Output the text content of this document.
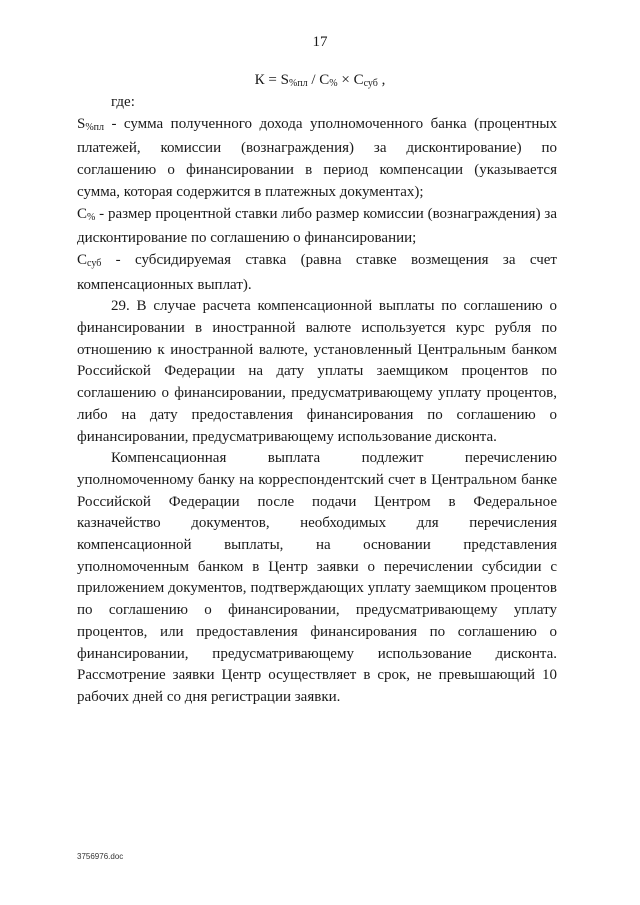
17
$К = S_{\%пл} / С_{\%} \times С_{суб}$ ,

где:

$S_{\%пл}$ - сумма полученного дохода уполномоченного банка (процентных платежей, комиссии (вознаграждения) за дисконтирование) по соглашению о финансировании в период компенсации (указывается сумма, которая содержится в платежных документах);

$С_{\%}$ - размер процентной ставки либо размер комиссии (вознаграждения) за дисконтирование по соглашению о финансировании;

$С_{суб}$ - субсидируемая ставка (равна ставке возмещения за счет компенсационных выплат).

29. В случае расчета компенсационной выплаты по соглашению о финансировании в иностранной валюте используется курс рубля по отношению к иностранной валюте, установленный Центральным банком Российской Федерации на дату уплаты заемщиком процентов по соглашению о финансировании, предусматривающему уплату процентов, либо на дату предоставления финансирования по соглашению о финансировании, предусматривающему использование дисконта.

Компенсационная выплата подлежит перечислению уполномоченному банку на корреспондентский счет в Центральном банке Российской Федерации после подачи Центром в Федеральное казначейство документов, необходимых для перечисления компенсационной выплаты, на основании представления уполномоченным банком в Центр заявки о перечислении субсидии с приложением документов, подтверждающих уплату заемщиком процентов по соглашению о финансировании, предусматривающему уплату процентов, или предоставления финансирования по соглашению о финансировании, предусматривающему использование дисконта. Рассмотрение заявки Центр осуществляет в срок, не превышающий 10 рабочих дней со дня регистрации заявки.

3756976.doc
